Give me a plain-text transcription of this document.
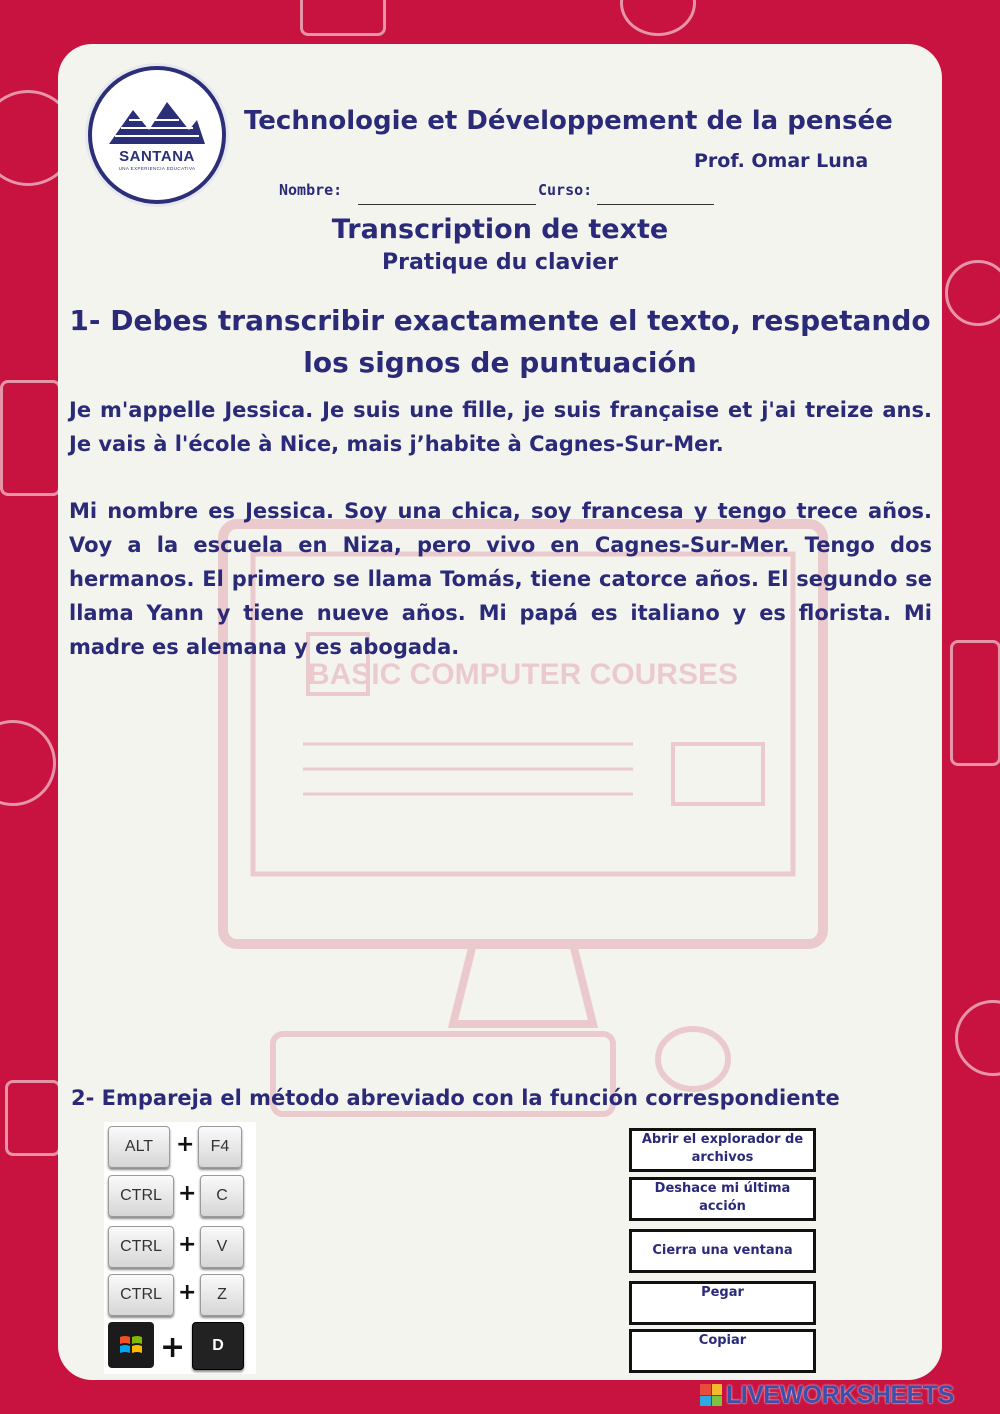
BASIC COMPUTER COURSES
SANTANA
UNA EXPERIENCIA EDUCATIVA
Technologie et Développement de la pensée
Prof. Omar Luna
Nombre:	Curso:
Transcription de texte
Pratique du clavier
1- Debes transcribir exactamente el texto, respetando los signos de puntuación
Je m'appelle Jessica. Je suis une fille, je suis française et j'ai treize ans. Je vais à l'école à Nice, mais j’habite à Cagnes-Sur-Mer.
Mi nombre es Jessica. Soy una chica, soy francesa y tengo trece años. Voy a la escuela en Niza, pero vivo en Cagnes-Sur-Mer. Tengo dos hermanos. El primero se llama Tomás, tiene catorce años. El segundo se llama Yann y tiene nueve años. Mi papá es italiano y es florista. Mi madre es alemana y es abogada.
2- Empareja el método abreviado con la función correspondiente
ALT	+	F4
CTRL +	C
CTRL +	V
CTRL +	Z
+	D
Abrir el explorador de archivos
Deshace mi última acción
Cierra una ventana
Pegar
Copiar
LIVEWORKSHEETS
